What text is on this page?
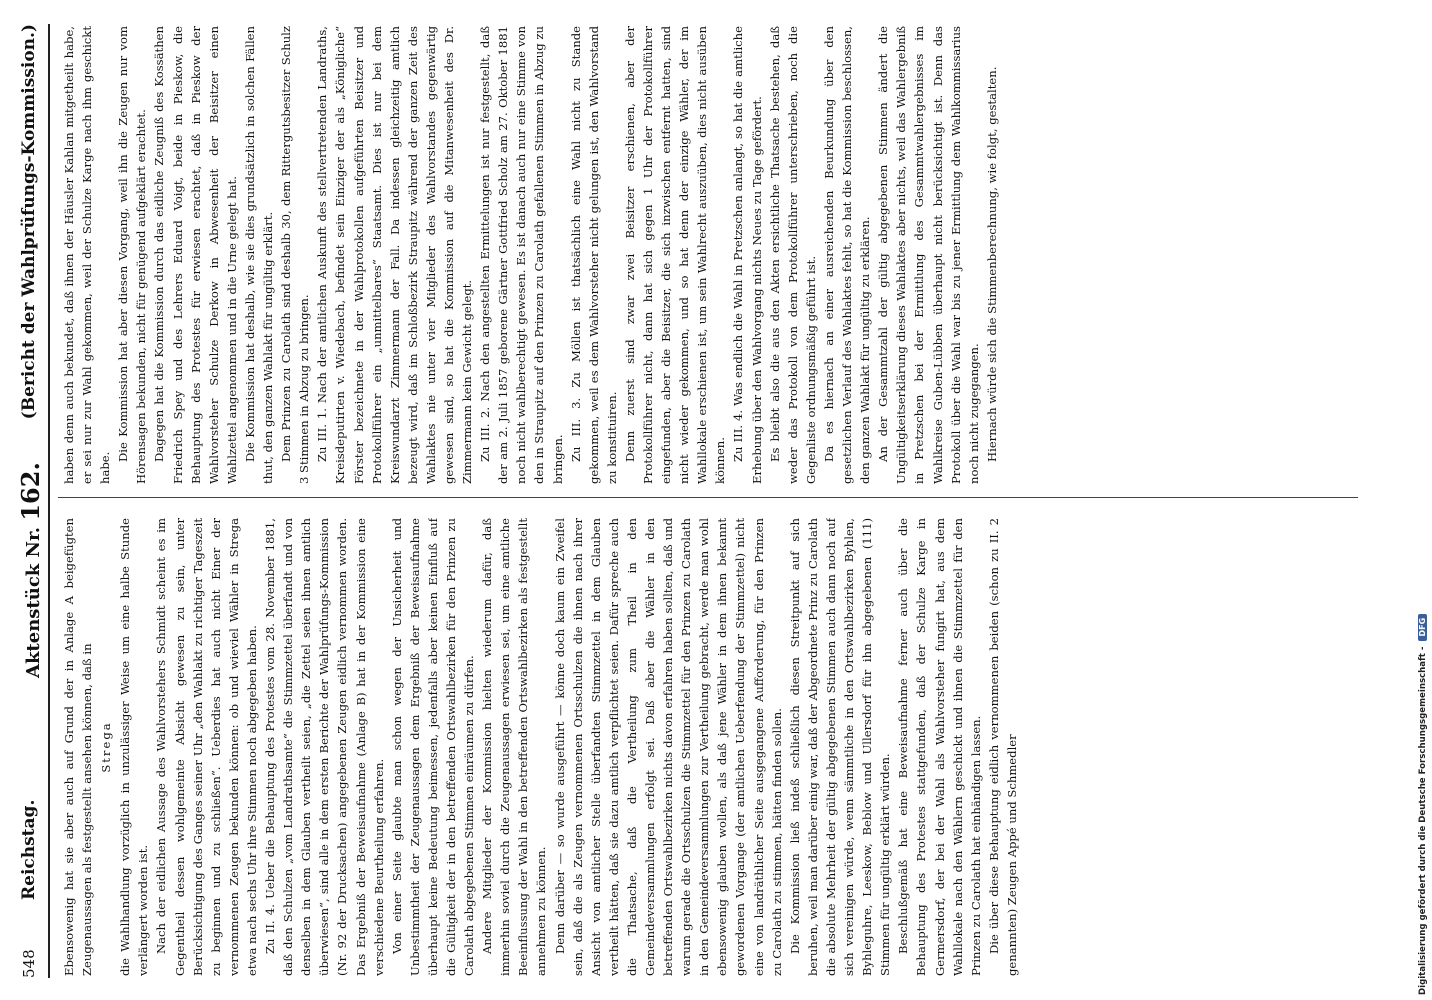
548
Reichstag.
Aktenstück Nr. 162.
(Bericht der Wahlprüfungs-Kommission.)

Ebensowenig hat sie aber auch auf Grund der in Anlage A beigefügten Zeugenaussagen als festgestellt ansehen können, daß in Strega die Wahlhandlung vorzüglich in unzulässiger Weise um eine halbe Stunde verlängert worden ist. Nach der eidlichen Aussage des Wahlvorstehers Schmidt scheint es im Gegentheil dessen wohlgemeinte Absicht gewesen zu sein, unter Berücksichtigung des Ganges seiner Uhr „den Wahlakt zu richtiger Tageszeit zu beginnen und zu schließen“. Ueberdies hat auch nicht Einer der vernommenen Zeugen bekunden können: ob und wieviel Wähler in Strega etwa nach sechs Uhr ihre Stimmen noch abgegeben haben. Zu II. 4. Ueber die Behauptung des Protestes vom 28. November 1881, daß den Schulzen „vom Landrathsamte“ die Stimmzettel überfandt und von denselben in dem Glauben vertheilt seien, „die Zettel seien ihnen amtlich überwiesen“, sind alle in dem ersten Berichte der Wahlprüfungs-Kommission (Nr. 92 der Drucksachen) angegebenen Zeugen eidlich vernommen worden. Das Ergebniß der Beweisaufnahme (Anlage B) hat in der Kommission eine verschiedene Beurtheilung erfahren. Von einer Seite glaubte man schon wegen der Unsicherheit und Unbestimmtheit der Zeugenaussagen dem Ergebniß der Beweisaufnahme überhaupt keine Bedeutung beimessen, jedenfalls aber keinen Einfluß auf die Gültigkeit der in den betreffenden Ortswahlbezirken für den Prinzen zu Carolath abgegebenen Stimmen einräumen zu dürfen. Andere Mitglieder der Kommission hielten wiederum dafür, daß immerhin soviel durch die Zeugenaussagen erwiesen sei, um eine amtliche Beeinflussung der Wahl in den betreffenden Ortswahlbezirken als festgestellt annehmen zu können. Denn darüber — so wurde ausgeführt — könne doch kaum ein Zweifel sein, daß die als Zeugen vernommenen Ortsschulzen die ihnen nach ihrer Ansicht von amtlicher Stelle überfandten Stimmzettel in dem Glauben vertheilt hätten, daß sie dazu amtlich verpflichtet seien. Dafür spreche auch die Thatsache, daß die Vertheilung zum Theil in den Gemeindeversammlungen erfolgt sei. Daß aber die Wähler in den betreffenden Ortswahlbezirken nichts davon erfahren haben sollten, daß und warum gerade die Ortsschulzen die Stimmzettel für den Prinzen zu Carolath in den Gemeindeversammlungen zur Vertheilung gebracht, werde man wohl ebensowenig glauben wollen, als daß jene Wähler in dem ihnen bekannt gewordenen Vorgange (der amtlichen Ueberfendung der Stimmzettel) nicht eine von landräthlicher Seite ausgegangene Aufforderung, für den Prinzen zu Carolath zu stimmen, hätten finden sollen. Die Kommission ließ indeß schließlich diesen Streitpunkt auf sich beruhen, weil man darüber einig war, daß der Abgeordnete Prinz zu Carolath die absolute Mehrheit der gültig abgegebenen Stimmen auch dann noch auf sich vereinigen würde, wenn sämmtliche in den Ortswahlbezirken Byhlen, Byhleguhre, Leeskow, Beblow und Ullersdorf für ihn abgegebenen (111) Stimmen für ungültig erklärt würden. Beschlußgemäß hat eine Beweisaufnahme ferner auch über die Behauptung des Protestes stattgefunden, daß der Schulze Karge in Germersdorf, der bei der Wahl als Wahlvorsteher fungirt hat, aus dem Wahllokale nach den Wählern geschickt und ihnen die Stimmzettel für den Prinzen zu Carolath hat einhändigen lassen. Die über diese Behauptung eidlich vernommenen beiden (schon zu II. 2 genannten) Zeugen Appé und Schmedler

haben denn auch bekundet, daß ihnen der Häusler Kahlan mitgetheilt habe, er sei nur zur Wahl gekommen, weil der Schulze Karge nach ihm geschickt habe.

Die Kommission hat aber diesen Vorgang, weil ihn die Zeugen nur vom Hörensagen bekunden, nicht für genügend aufgeklärt erachtet. Dagegen hat die Kommission durch das eidliche Zeugniß des Kossäthen Friedrich Spey und des Lehrers Eduard Voigt, beide in Pieskow, die Behauptung des Protestes für erwiesen erachtet, daß in Pieskow der Wahlvorsteher Schulze Derkow in Abwesenheit der Beisitzer einen Wahlzettel angenommen und in die Urne gelegt hat. Die Kommission hat deshalb, wie sie dies grundsätzlich in solchen Fällen thut, den ganzen Wahlakt für ungültig erklärt. Dem Prinzen zu Carolath sind deshalb 30, dem Rittergutsbesitzer Schulz 3 Stimmen in Abzug zu bringen. Zu III. 1. Nach der amtlichen Auskunft des stellvertretenden Landraths, Kreisdeputirten v. Wiedebach, befindet sein Einziger der als „Königliche“ Förster bezeichnete in der Wahlprotokollen aufgeführten Beisitzer und Protokollführer ein „unmittelbares“ Staatsamt. Dies ist nur bei dem Kreiswundarzt Zimmermann der Fall. Da indessen gleichzeitig amtlich bezeugt wird, daß im Schloßbezirk Straupitz während der ganzen Zeit des Wahlaktes nie unter vier Mitglieder des Wahlvorstandes gegenwärtig gewesen sind, so hat die Kommission auf die Mitanwesenheit des Dr. Zimmermann kein Gewicht gelegt. Zu III. 2. Nach den angestellten Ermittelungen ist nur festgestellt, daß der am 2. Juli 1857 geborene Gärtner Gottfried Scholz am 27. Oktober 1881 noch nicht wahlberechtigt gewesen. Es ist danach auch nur eine Stimme von den in Straupitz auf den Prinzen zu Carolath gefallenen Stimmen in Abzug zu bringen. Zu III. 3. Zu Möllen ist thatsächlich eine Wahl nicht zu Stande gekommen, weil es dem Wahlvorsteher nicht gelungen ist, den Wahlvorstand zu konstituiren. Denn zuerst sind zwar zwei Beisitzer erschienen, aber der Protokollführer nicht, dann hat sich gegen 1 Uhr der Protokollführer eingefunden, aber die Beisitzer, die sich inzwischen entfernt hatten, sind nicht wieder gekommen, und so hat denn der einzige Wähler, der im Wahllokale erschienen ist, um sein Wahlrecht auszuüben, dies nicht ausüben können. Zu III. 4. Was endlich die Wahl in Pretzschen anlangt, so hat die amtliche Erhebung über den Wahlvorgang nichts Neues zu Tage gefördert. Es bleibt also die aus den Akten ersichtliche Thatsache bestehen, daß weder das Protokoll von dem Protokollführer unterschrieben, noch die Gegenliste ordnungsmäßig geführt ist. Da es hiernach an einer ausreichenden Beurkundung über den gesetzlichen Verlauf des Wahlaktes fehlt, so hat die Kommission beschlossen, den ganzen Wahlakt für ungültig zu erklären. An der Gesammtzahl der gültig abgegebenen Stimmen ändert die Ungültigkeitserklärung dieses Wahlaktes aber nichts, weil das Wahlergebniß in Pretzschen bei der Ermittlung des Gesammtwahlergebnisses im Wahlkreise Guben-Lübben überhaupt nicht berücksichtigt ist. Denn das Protokoll über die Wahl war bis zu jener Ermittlung dem Wahlkommissarius noch nicht zugegangen. Hiernach würde sich die Stimmenberechnung, wie folgt, gestalten.

Digitalisierung gefördert durch die Deutsche Forschungsgemeinschaft -DFG
